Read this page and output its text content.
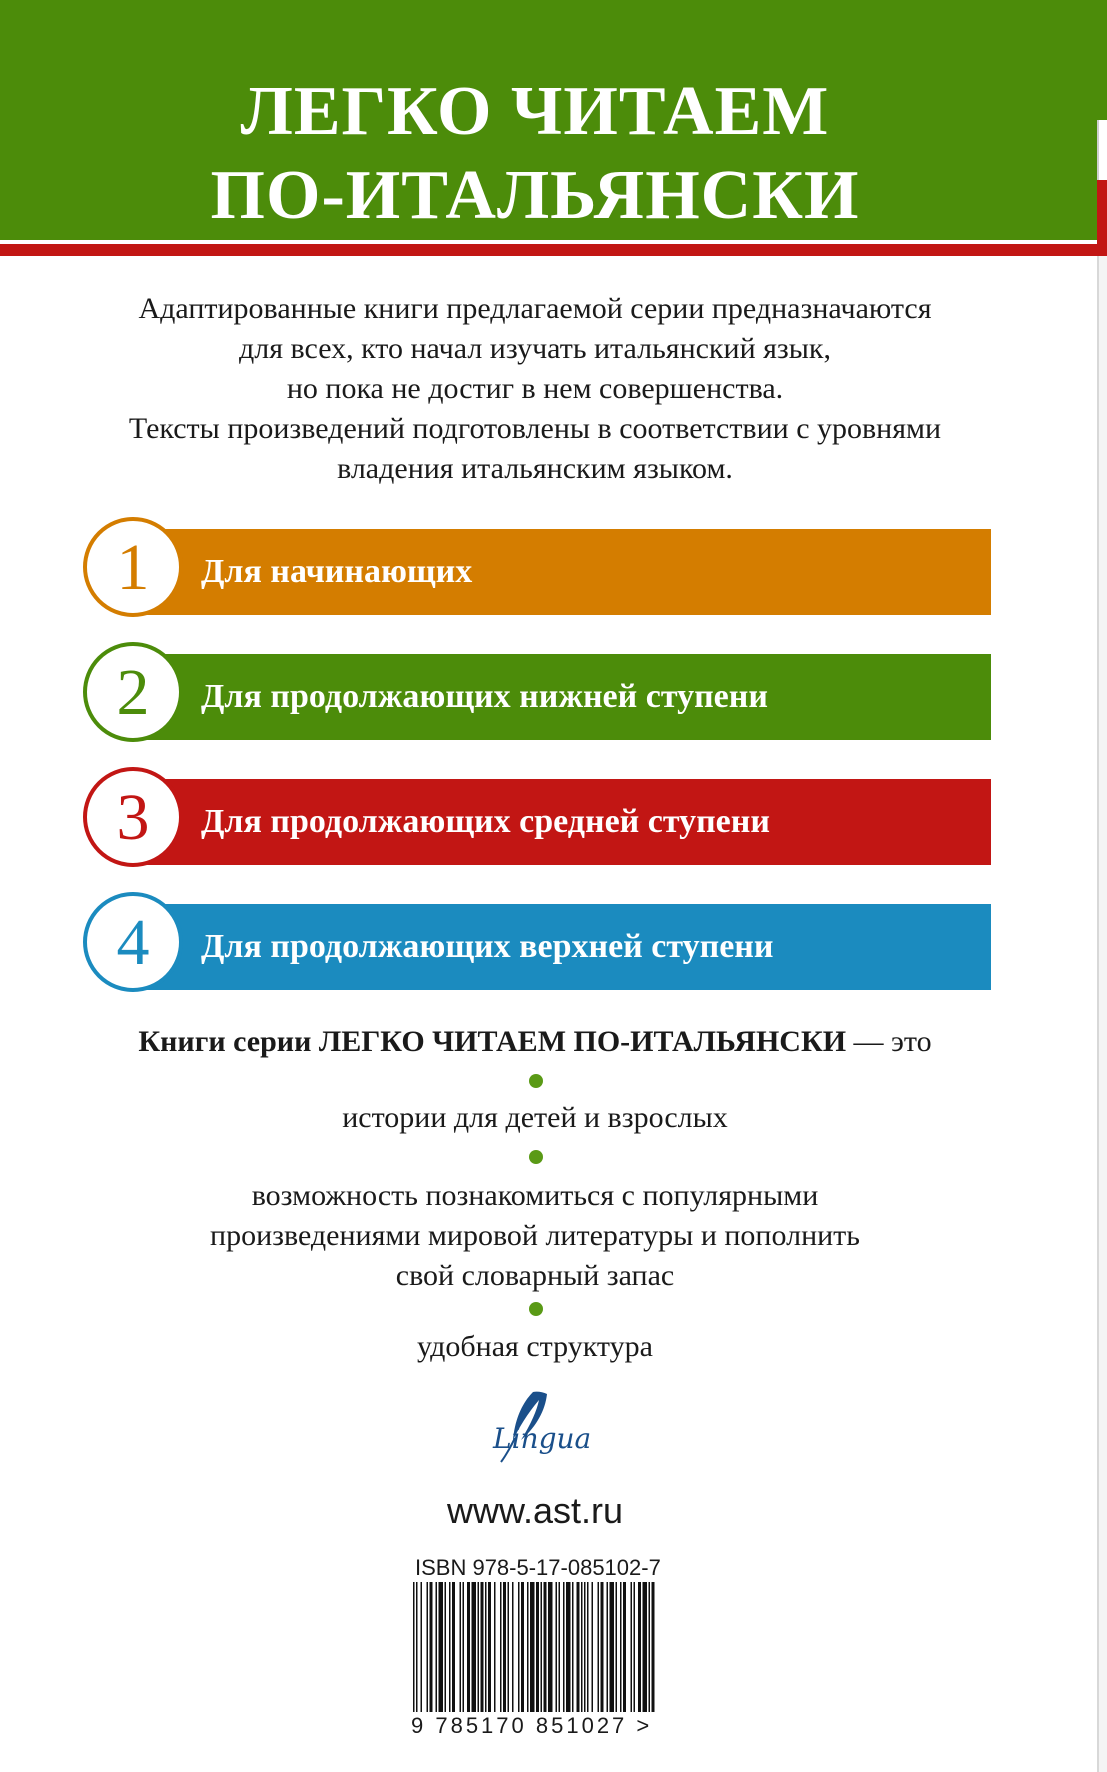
ЛЕГКО ЧИТАЕМ
ПО-ИТАЛЬЯНСКИ
Адаптированные книги предлагаемой серии предназначаются
для всех, кто начал изучать итальянский язык,
но пока не достиг в нем совершенства.
Тексты произведений подготовлены в соответствии с уровнями
владения итальянским языком.
Для начинающих
1
Для продолжающих нижней ступени
2
Для продолжающих средней ступени
3
Для продолжающих верхней ступени
4
Книги серии ЛЕГКО ЧИТАЕМ ПО-ИТАЛЬЯНСКИ — это
истории для детей и взрослых
возможность познакомиться с популярными
произведениями мировой литературы и пополнить
свой словарный запас
удобная структура
Lingua
www.ast.ru
ISBN 978-5-17-085102-7
9 785170 851027 >
